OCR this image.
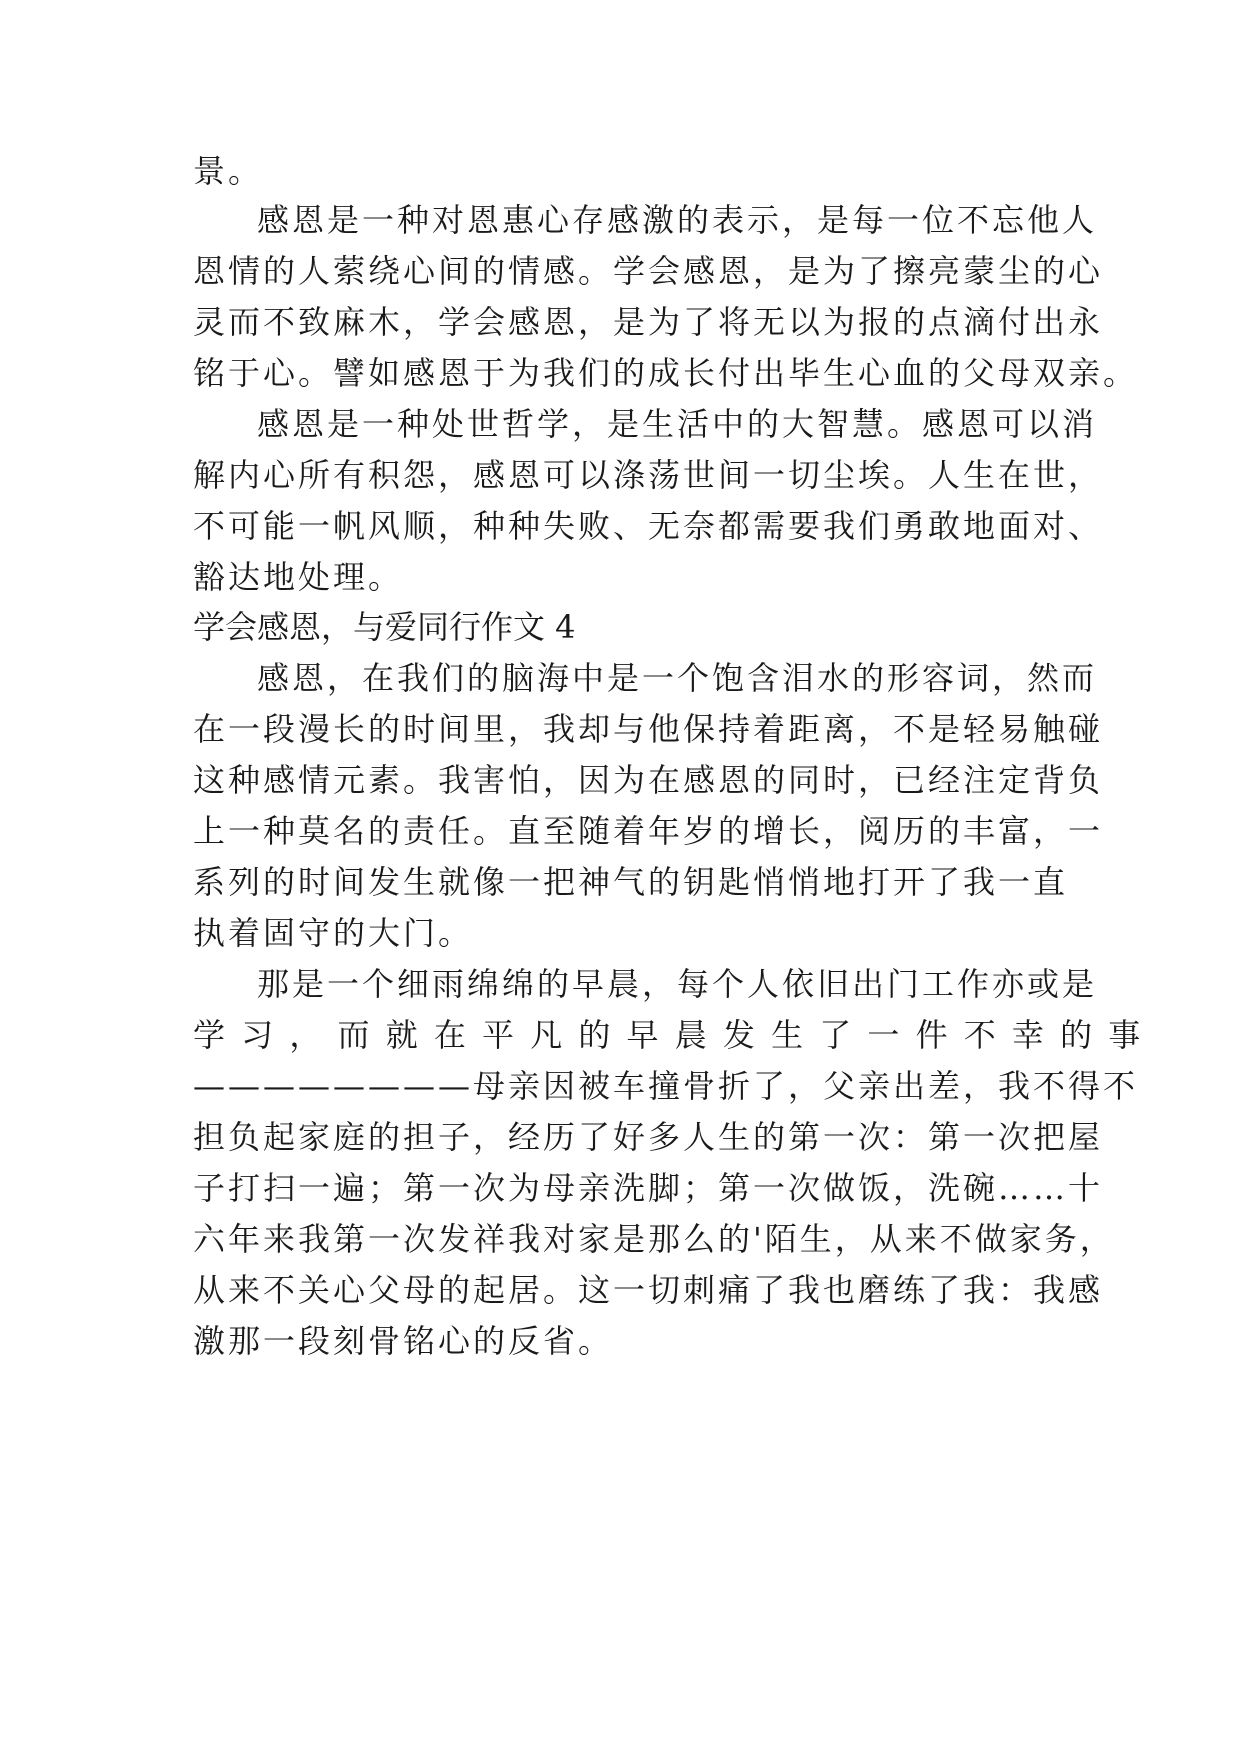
景。
感恩是一种对恩惠心存感激的表示，是每一位不忘他人
恩情的人萦绕心间的情感。学会感恩，是为了擦亮蒙尘的心
灵而不致麻木，学会感恩，是为了将无以为报的点滴付出永
铭于心。譬如感恩于为我们的成长付出毕生心血的父母双亲。
感恩是一种处世哲学，是生活中的大智慧。感恩可以消
解内心所有积怨，感恩可以涤荡世间一切尘埃。人生在世，
不可能一帆风顺，种种失败、无奈都需要我们勇敢地面对、
豁达地处理。
学会感恩，与爱同行作文 4
感恩，在我们的脑海中是一个饱含泪水的形容词，然而
在一段漫长的时间里，我却与他保持着距离，不是轻易触碰
这种感情元素。我害怕，因为在感恩的同时，已经注定背负
上一种莫名的责任。直至随着年岁的增长，阅历的丰富，一
系列的时间发生就像一把神气的钥匙悄悄地打开了我一直
执着固守的大门。
那是一个细雨绵绵的早晨，每个人依旧出门工作亦或是
学 习 ， 而 就 在 平 凡 的 早 晨 发 生 了 一 件 不 幸 的 事
————————母亲因被车撞骨折了，父亲出差，我不得不
担负起家庭的担子，经历了好多人生的第一次：第一次把屋
子打扫一遍；第一次为母亲洗脚；第一次做饭，洗碗……十
六年来我第一次发祥我对家是那么的'陌生，从来不做家务，
从来不关心父母的起居。这一切刺痛了我也磨练了我：我感
激那一段刻骨铭心的反省。
